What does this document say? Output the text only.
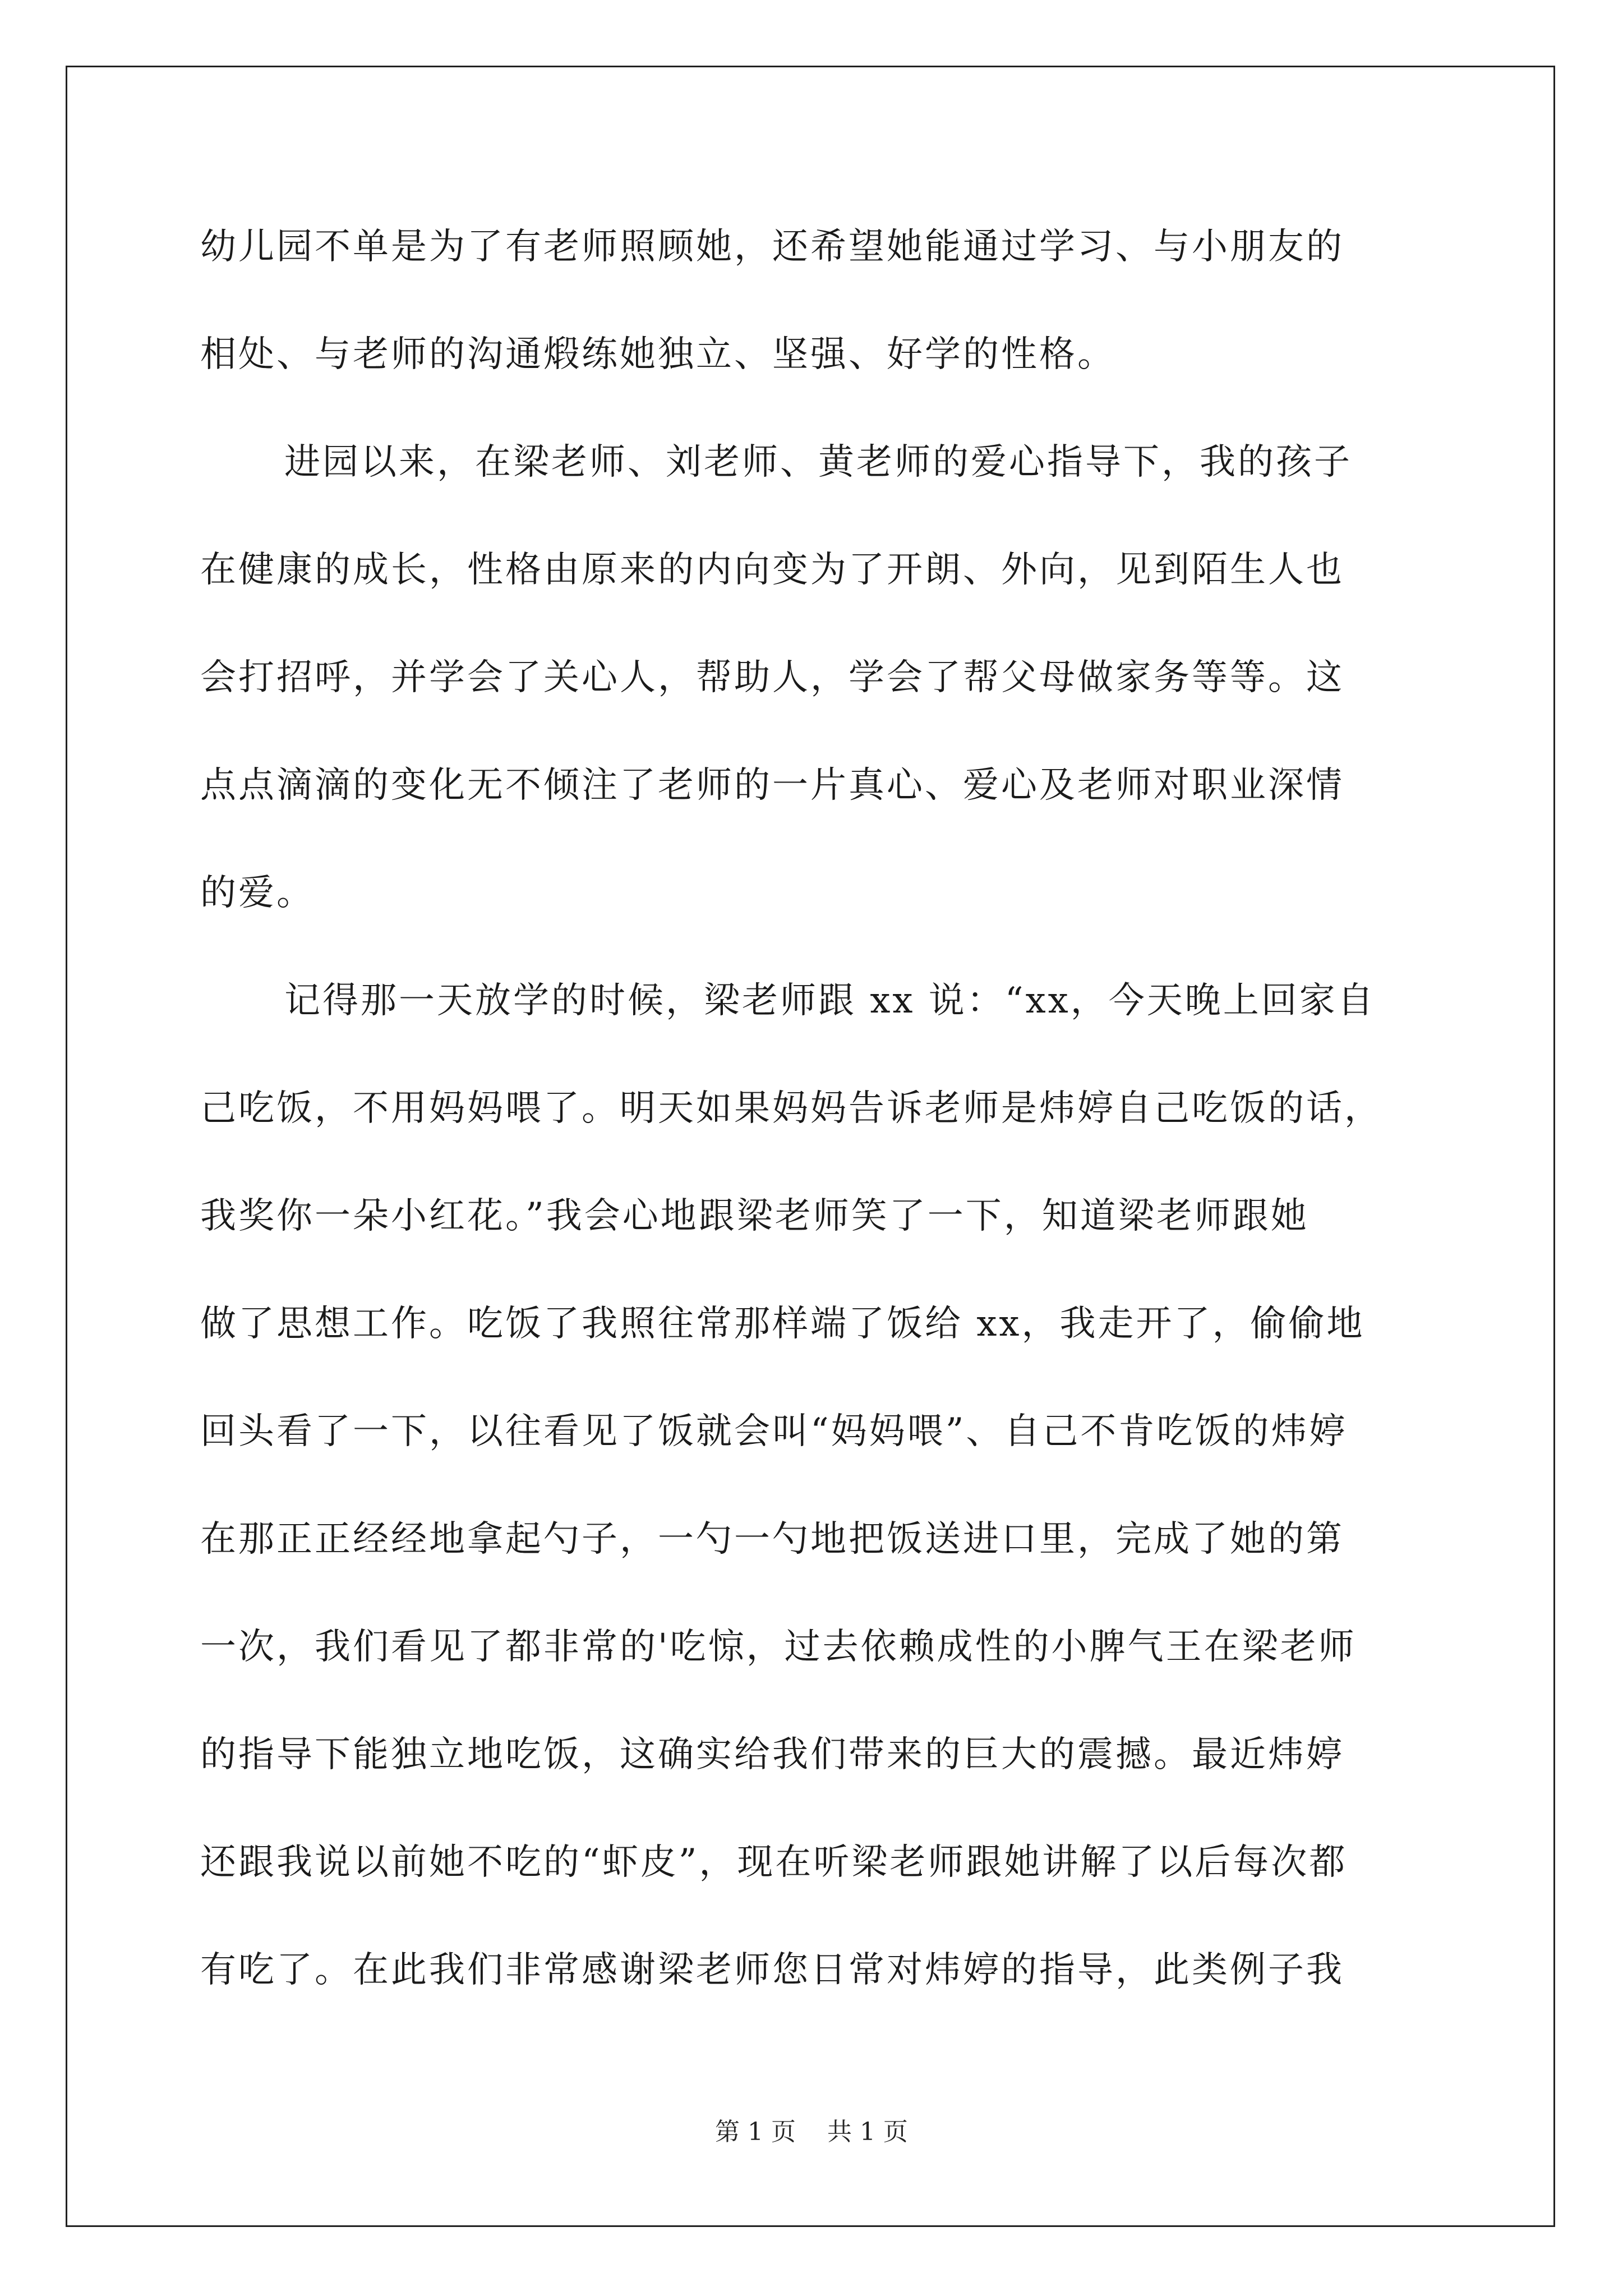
幼儿园不单是为了有老师照顾她，还希望她能通过学习、与小朋友的
相处、与老师的沟通煅练她独立、坚强、好学的性格。
进园以来，在梁老师、刘老师、黄老师的爱心指导下，我的孩子
在健康的成长，性格由原来的内向变为了开朗、外向，见到陌生人也
会打招呼，并学会了关心人，帮助人，学会了帮父母做家务等等。这
点点滴滴的变化无不倾注了老师的一片真心、爱心及老师对职业深情
的爱。
记得那一天放学的时候，梁老师跟 xx 说：“xx，今天晚上回家自
己吃饭，不用妈妈喂了。明天如果妈妈告诉老师是炜婷自己吃饭的话，
我奖你一朵小红花。”我会心地跟梁老师笑了一下，知道梁老师跟她
做了思想工作。吃饭了我照往常那样端了饭给 xx，我走开了，偷偷地
回头看了一下，以往看见了饭就会叫“妈妈喂”、自己不肯吃饭的炜婷
在那正正经经地拿起勺子，一勺一勺地把饭送进口里，完成了她的第
一次，我们看见了都非常的'吃惊，过去依赖成性的小脾气王在梁老师
的指导下能独立地吃饭，这确实给我们带来的巨大的震撼。最近炜婷
还跟我说以前她不吃的“虾皮”，现在听梁老师跟她讲解了以后每次都
有吃了。在此我们非常感谢梁老师您日常对炜婷的指导，此类例子我
第 1 页    共 1 页
